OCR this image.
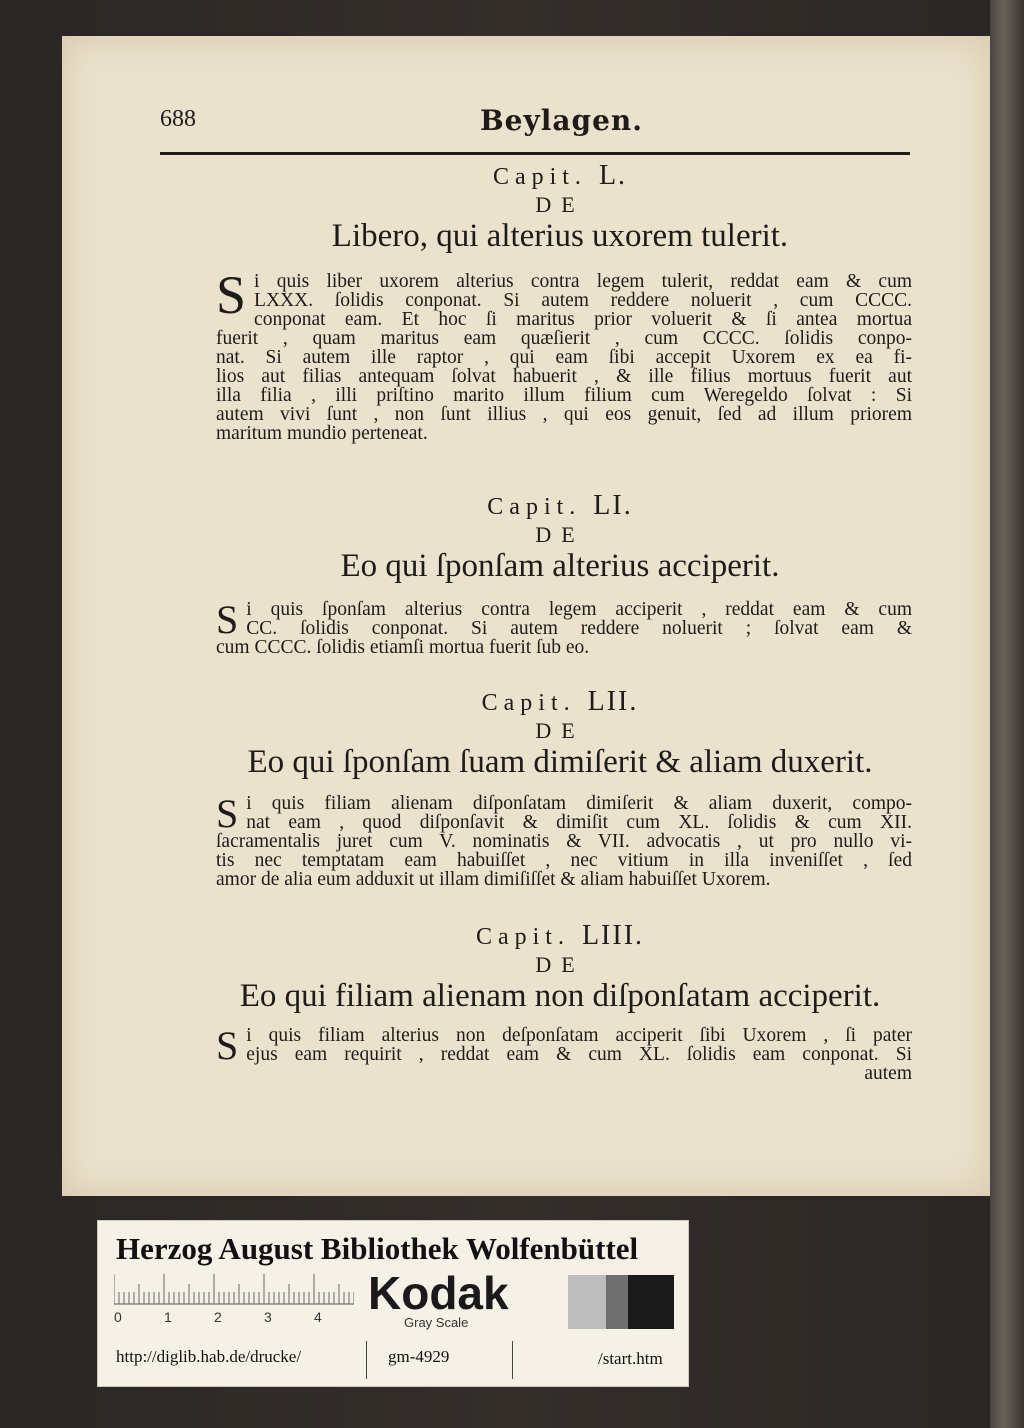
688	Beylagen.
Capit. L.
DE
Libero, qui alterius uxorem tulerit.
S i quis liber uxorem alterius contra legem tulerit, reddat eam & cum
LXXX. ſolidis conponat. Si autem reddere noluerit , cum CCCC.
conponat eam. Et hoc ſi maritus prior voluerit & ſi antea mortua
fuerit , quam maritus eam quæſierit , cum CCCC. ſolidis conpo-
nat. Si autem ille raptor , qui eam ſibi accepit Uxorem ex ea fi-
lios aut filias antequam ſolvat habuerit , & ille filius mortuus fuerit aut
illa filia , illi priſtino marito illum filium cum Weregeldo ſolvat : Si
autem vivi ſunt , non ſunt illius , qui eos genuit, ſed ad illum priorem
maritum mundio perteneat.
Capit. LI.
DE
Eo qui ſponſam alterius acciperit.
S i quis ſponſam alterius contra legem acciperit , reddat eam & cum
CC. ſolidis conponat. Si autem reddere noluerit ; ſolvat eam &
cum CCCC. ſolidis etiamſi mortua fuerit ſub eo.
Capit. LII.
DE
Eo qui ſponſam ſuam dimiſerit & aliam duxerit.
S i quis filiam alienam diſponſatam dimiſerit & aliam duxerit, compo-
nat eam , quod diſponſavit & dimiſit cum XL. ſolidis & cum XII.
ſacramentalis juret cum V. nominatis & VII. advocatis , ut pro nullo vi-
tis nec temptatam eam habuiſſet , nec vitium in illa inveniſſet , ſed
amor de alia eum adduxit ut illam dimiſiſſet & aliam habuiſſet Uxorem.
Capit. LIII.
DE
Eo qui filiam alienam non diſponſatam acciperit.
S i quis filiam alterius non deſponſatam acciperit ſibi Uxorem , ſi pater
ejus eam requirit , reddat eam & cum XL. ſolidis eam conponat. Si
autem
Herzog August Bibliothek Wolfenbüttel
0	1	2	3	4 Kodak
Gray Scale
http://diglib.hab.de/drucke/	gm-4929	/start.htm
